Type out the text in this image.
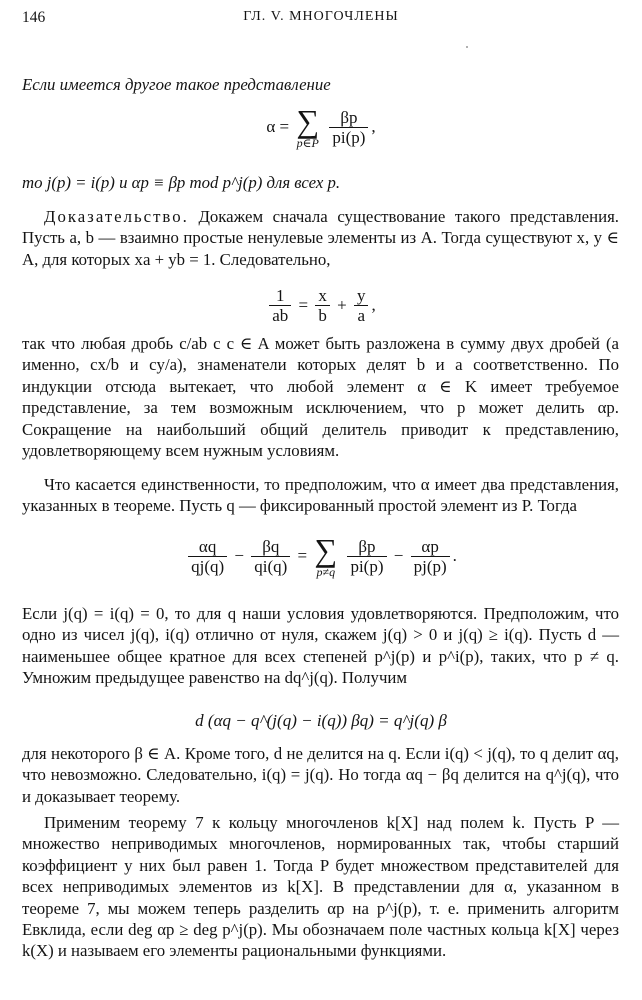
146	ГЛ. V. МНОГОЧЛЕНЫ

Если имеется другое такое представление

α = ∑
p∈P
$\frac{\beta p}{pi(p)}$ ,

то j(p) = i(p) и αp ≡ βp mod p^j(p) для всех p.

Доказательство. Докажем сначала существование такого представления. Пусть a, b — взаимно простые ненулевые элементы из A. Тогда существуют x, y ∈ A, для которых xa + yb = 1. Следовательно,

$\frac{1}{ab} = \frac{x}{b} + \frac{y}{a}$ ,

так что любая дробь c/ab с c ∈ A может быть разложена в сумму двух дробей (а именно, cx/b и cy/a), знаменатели которых делят b и a соответственно. По индукции отсюда вытекает, что любой элемент α ∈ K имеет требуемое представление, за тем возможным исключением, что p может делить αp. Сокращение на наибольший общий делитель приводит к представлению, удовлетворяющему всем нужным условиям.

Что касается единственности, то предположим, что α имеет два представления, указанных в теореме. Пусть q — фиксированный простой элемент из P. Тогда

$\frac{\alpha q}{qj(q)} - \frac{\beta q}{qi(q)}$ = ∑
p≠q
$\frac{\beta p}{pi(p)} - \frac{\alpha p}{pj(p)}$ .

Если j(q) = i(q) = 0, то для q наши условия удовлетворяются. Предположим, что одно из чисел j(q), i(q) отлично от нуля, скажем j(q) > 0 и j(q) ≥ i(q). Пусть d — наименьшее общее кратное для всех степеней p^j(p) и p^i(p), таких, что p ≠ q. Умножим предыдущее равенство на dq^j(q). Получим

d (αq − q^(j(q) − i(q)) βq) = q^j(q) β

для некоторого β ∈ A. Кроме того, d не делится на q. Если i(q) < j(q), то q делит αq, что невозможно. Следовательно, i(q) = j(q). Но тогда αq − βq делится на q^j(q), что и доказывает теорему.

Применим теорему 7 к кольцу многочленов k[X] над полем k. Пусть P — множество неприводимых многочленов, нормированных так, чтобы старший коэффициент у них был равен 1. Тогда P будет множеством представителей для всех неприводимых элементов из k[X]. В представлении для α, указанном в теореме 7, мы можем теперь разделить αp на p^j(p), т. е. применить алгоритм Евклида, если deg αp ≥ deg p^j(p). Мы обозначаем поле частных кольца k[X] через k(X) и называем его элементы рациональными функциями.
